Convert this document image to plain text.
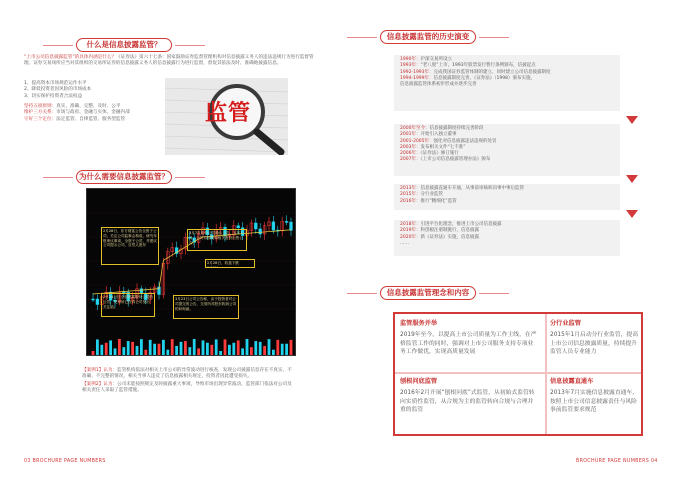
什么是信息披露监管？
“上市公司信息披露监管”的具体内涵是什么？《证券法》第六十七条：国家鼓励证券监督管理机构对信息披露义务人的违法违规行为进行监督管理。证券交易场所应当对其组织的交易所证券的信息披露义务人的信息披露行为进行监督，督促其依法及时、准确地披露信息。
1、提高资本市场规范运作水平
2、降低投资者因风险的市场成本
3、切实保护投资者合法权益
坚持五项原则：真实、准确、完整、及时、公平
维护三方关系：市场与政府、金融与实体、金融内部
守好三个定位：法定监管、自律监管、服务型监管	监管
为什么需要信息披露监管？
2月28日，东方财富公告全资子公司，关注公司监事会构成，研究年报审议事项，全资子公司，并建议公司提示公司，自然人股东
3月7日股份公司确认公告，本年7月，公司持续发布相关股份出售公告。
2月28日，收盘下跌5.29%。
2月24日日全部披露股份公司的公告，交易所已经向公司发出关注函。
3月23日公司公告称，由于投资者对公司提交的公告，交易所对股东收到公司的问询函。
【案例1】认为：监管机构依法对相关上市公司的异常波动进行核查，发现公司披露信息存在不真实、不准确、不完整的情况，相关当事人违反了信息披露相关规定，投资者因此遭受损失。
【案例2】认为：公司未能按照规定及时披露重大事项，导致市场出现异常波动，监管部门依法对公司及相关责任人采取了监管措施。
03 BROCHURE PAGE NUMBERS
信息披露监管的历史演变
1990年：沪深交易所设立
1993年：“老八股”上市，1993年股票发行暂行条例颁布，信披起点
1992-1993年：完成我国证券监管体制的建立，同时建立公司信息披露制度
1994-1999年：信息披露制度完善，《证券法》（1998）颁布实施，
信息披露监管体系初步形成并逐步完善
2000年至今：信息披露制度持续完善阶段
2001年：开始引入独立董事
2001-2005年：强化对信息披露违法违规的处罚
2003年：发布相关文件“七不准”
2006年：《证券法》修订施行
2007年：《上市公司信息披露管理办法》颁布
2013年：信息披露直通车开通，从事前审核转向事中事后监管
2015年：分行业监管
2016年：推行“精细化”监管
2018年：引进平台化理念，推进上市公司信息披露
2019年：科创板注册制施行，信息披露
2020年：新《证券法》实施，信息披露
……
信息披露监管理念和内容
监管服务并举
2019年至今，以提高上市公司质量为工作主线，在严格监管工作的同时，强调对上市公司服务支持专项业务工作做优，实现高质量发展
分行业监管
2015年1月启动分行业监管，提高上市公司信息披露质量，持续提升监管人员专业能力
刨根问底监管
2016年2月开展“刨根问底”式监管，从初始式监管转向实质性监管，从合规为主的监管转向合规与合理并重的监管
信息披露直通车
2013年7月实施信息披露直通车，按照上市公司信息披露责任与风险事前监管要求规范
BROCHURE PAGE NUMBERS 04
